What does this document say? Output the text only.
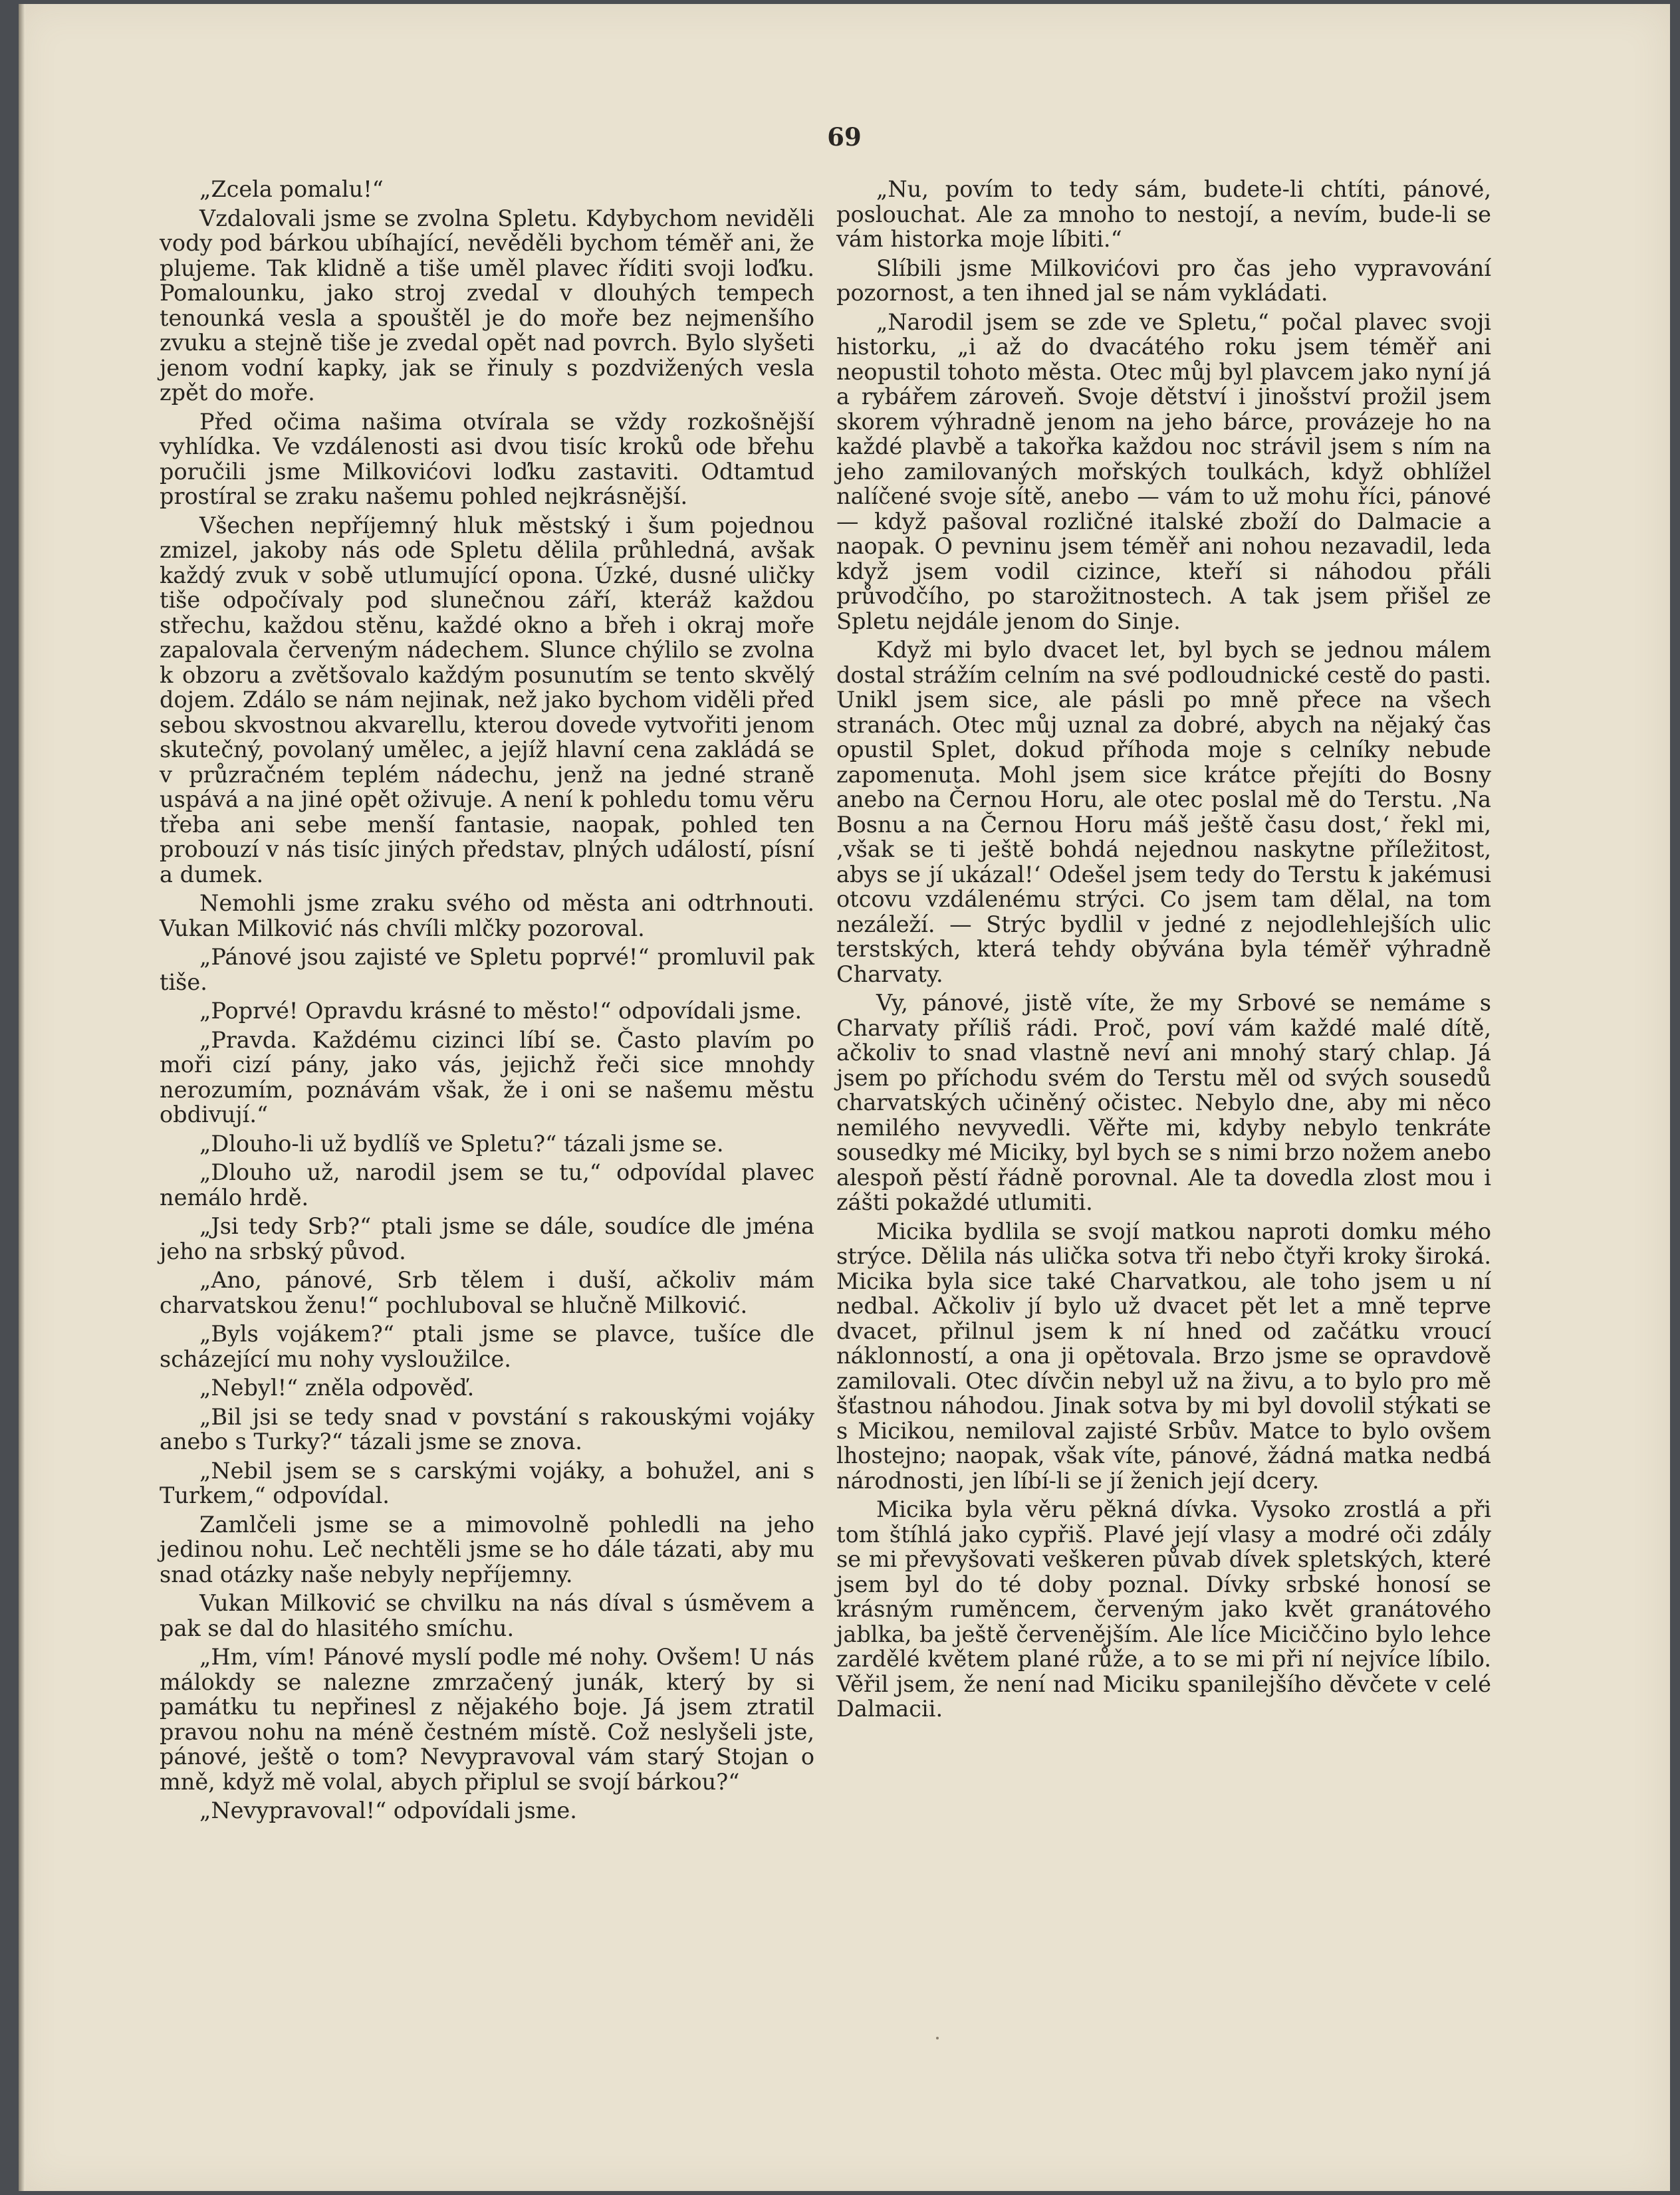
69

„Zcela pomalu!“

Vzdalovali jsme se zvolna Spletu. Kdybychom neviděli vody pod bárkou ubíhající, nevěděli bychom téměř ani, že plujeme. Tak klidně a tiše uměl plavec říditi svoji loďku. Pomalounku, jako stroj zvedal v dlouhých tempech tenounká vesla a spouštěl je do moře bez nejmenšího zvuku a stejně tiše je zvedal opět nad povrch. Bylo slyšeti jenom vodní kapky, jak se řinuly s pozdvižených vesla zpět do moře.

Před očima našima otvírala se vždy rozkošnější vyhlídka. Ve vzdálenosti asi dvou tisíc kroků ode břehu poručili jsme Milkovićovi loďku zastaviti. Odtamtud prostíral se zraku našemu pohled nejkrásnější.

Všechen nepříjemný hluk městský i šum pojednou zmizel, jakoby nás ode Spletu dělila průhledná, avšak každý zvuk v sobě utlumující opona. Úzké, dusné uličky tiše odpočívaly pod slunečnou září, kteráž každou střechu, každou stěnu, každé okno a břeh i okraj moře zapalovala červeným nádechem. Slunce chýlilo se zvolna k obzoru a zvětšovalo každým posunutím se tento skvělý dojem. Zdálo se nám nejinak, než jako bychom viděli před sebou skvostnou akvarellu, kterou dovede vytvořiti jenom skutečný, povolaný umělec, a jejíž hlavní cena zakládá se v průzračném teplém nádechu, jenž na jedné straně uspává a na jiné opět oživuje. A není k pohledu tomu věru třeba ani sebe menší fantasie, naopak, pohled ten probouzí v nás tisíc jiných představ, plných událostí, písní a dumek.

Nemohli jsme zraku svého od města ani odtrhnouti. Vukan Milković nás chvíli mlčky pozoroval.

„Pánové jsou zajisté ve Spletu poprvé!“ promluvil pak tiše.

„Poprvé! Opravdu krásné to město!“ odpovídali jsme.

„Pravda. Každému cizinci líbí se. Často plavím po moři cizí pány, jako vás, jejichž řeči sice mnohdy nerozumím, poznávám však, že i oni se našemu městu obdivují.“

„Dlouho-li už bydlíš ve Spletu?“ tázali jsme se.

„Dlouho už, narodil jsem se tu,“ odpovídal plavec nemálo hrdě.

„Jsi tedy Srb?“ ptali jsme se dále, soudíce dle jména jeho na srbský původ.

„Ano, pánové, Srb tělem i duší, ačkoliv mám charvatskou ženu!“ pochluboval se hlučně Milković.

„Byls vojákem?“ ptali jsme se plavce, tušíce dle scházející mu nohy vysloužilce.

„Nebyl!“ zněla odpověď.

„Bil jsi se tedy snad v povstání s rakouskými vojáky anebo s Turky?“ tázali jsme se znova.

„Nebil jsem se s carskými vojáky, a bohužel, ani s Turkem,“ odpovídal.

Zamlčeli jsme se a mimovolně pohledli na jeho jedinou nohu. Leč nechtěli jsme se ho dále tázati, aby mu snad otázky naše nebyly nepříjemny.

Vukan Milković se chvilku na nás díval s úsměvem a pak se dal do hlasitého smíchu.

„Hm, vím! Pánové myslí podle mé nohy. Ovšem! U nás málokdy se nalezne zmrzačený junák, který by si památku tu nepřinesl z nějakého boje. Já jsem ztratil pravou nohu na méně čestném místě. Což neslyšeli jste, pánové, ještě o tom? Nevypravoval vám starý Stojan o mně, když mě volal, abych připlul se svojí bárkou?“

„Nevypravoval!“ odpovídali jsme.

„Nu, povím to tedy sám, budete-li chtíti, pánové, poslouchat. Ale za mnoho to nestojí, a nevím, bude-li se vám historka moje líbiti.“

Slíbili jsme Milkovićovi pro čas jeho vypravování pozornost, a ten ihned jal se nám vykládati.

„Narodil jsem se zde ve Spletu,“ počal plavec svoji historku, „i až do dvacátého roku jsem téměř ani neopustil tohoto města. Otec můj byl plavcem jako nyní já a rybářem zároveň. Svoje dětství i jinošství prožil jsem skorem výhradně jenom na jeho bárce, provázeje ho na každé plavbě a takořka každou noc strávil jsem s ním na jeho zamilovaných mořských toulkách, když obhlížel nalíčené svoje sítě, anebo — vám to už mohu říci, pánové — když pašoval rozličné italské zboží do Dalmacie a naopak. O pevninu jsem téměř ani nohou nezavadil, leda když jsem vodil cizince, kteří si náhodou přáli průvodčího, po starožitnostech. A tak jsem přišel ze Spletu nejdále jenom do Sinje.

Když mi bylo dvacet let, byl bych se jednou málem dostal strážím celním na své podloudnické cestě do pasti. Unikl jsem sice, ale pásli po mně přece na všech stranách. Otec můj uznal za dobré, abych na nějaký čas opustil Splet, dokud příhoda moje s celníky nebude zapomenuta. Mohl jsem sice krátce přejíti do Bosny anebo na Černou Horu, ale otec poslal mě do Terstu. ‚Na Bosnu a na Černou Horu máš ještě času dost,‘ řekl mi, ‚však se ti ještě bohdá nejednou naskytne příležitost, abys se jí ukázal!‘ Odešel jsem tedy do Terstu k jakémusi otcovu vzdálenému strýci. Co jsem tam dělal, na tom nezáleží. — Strýc bydlil v jedné z nejodlehlejších ulic terstských, která tehdy obývána byla téměř výhradně Charvaty.

Vy, pánové, jistě víte, že my Srbové se nemáme s Charvaty příliš rádi. Proč, poví vám každé malé dítě, ačkoliv to snad vlastně neví ani mnohý starý chlap. Já jsem po příchodu svém do Terstu měl od svých sousedů charvatských učiněný očistec. Nebylo dne, aby mi něco nemilého nevyvedli. Věřte mi, kdyby nebylo tenkráte sousedky mé Miciky, byl bych se s nimi brzo nožem anebo alespoň pěstí řádně porovnal. Ale ta dovedla zlost mou i zášti pokaždé utlumiti.

Micika bydlila se svojí matkou naproti domku mého strýce. Dělila nás ulička sotva tři nebo čtyři kroky široká. Micika byla sice také Charvatkou, ale toho jsem u ní nedbal. Ačkoliv jí bylo už dvacet pět let a mně teprve dvacet, přilnul jsem k ní hned od začátku vroucí náklonností, a ona ji opětovala. Brzo jsme se opravdově zamilovali. Otec dívčin nebyl už na živu, a to bylo pro mě šťastnou náhodou. Jinak sotva by mi byl dovolil stýkati se s Micikou, nemiloval zajisté Srbův. Matce to bylo ovšem lhostejno; naopak, však víte, pánové, žádná matka nedbá národnosti, jen líbí-li se jí ženich její dcery.

Micika byla věru pěkná dívka. Vysoko zrostlá a při tom štíhlá jako cypřiš. Plavé její vlasy a modré oči zdály se mi převyšovati veškeren půvab dívek spletských, které jsem byl do té doby poznal. Dívky srbské honosí se krásným ruměncem, červeným jako květ granátového jablka, ba ještě červenějším. Ale líce Miciččino bylo lehce zardělé květem plané růže, a to se mi při ní nejvíce líbilo. Věřil jsem, že není nad Miciku spanilejšího děvčete v celé Dalmacii.
